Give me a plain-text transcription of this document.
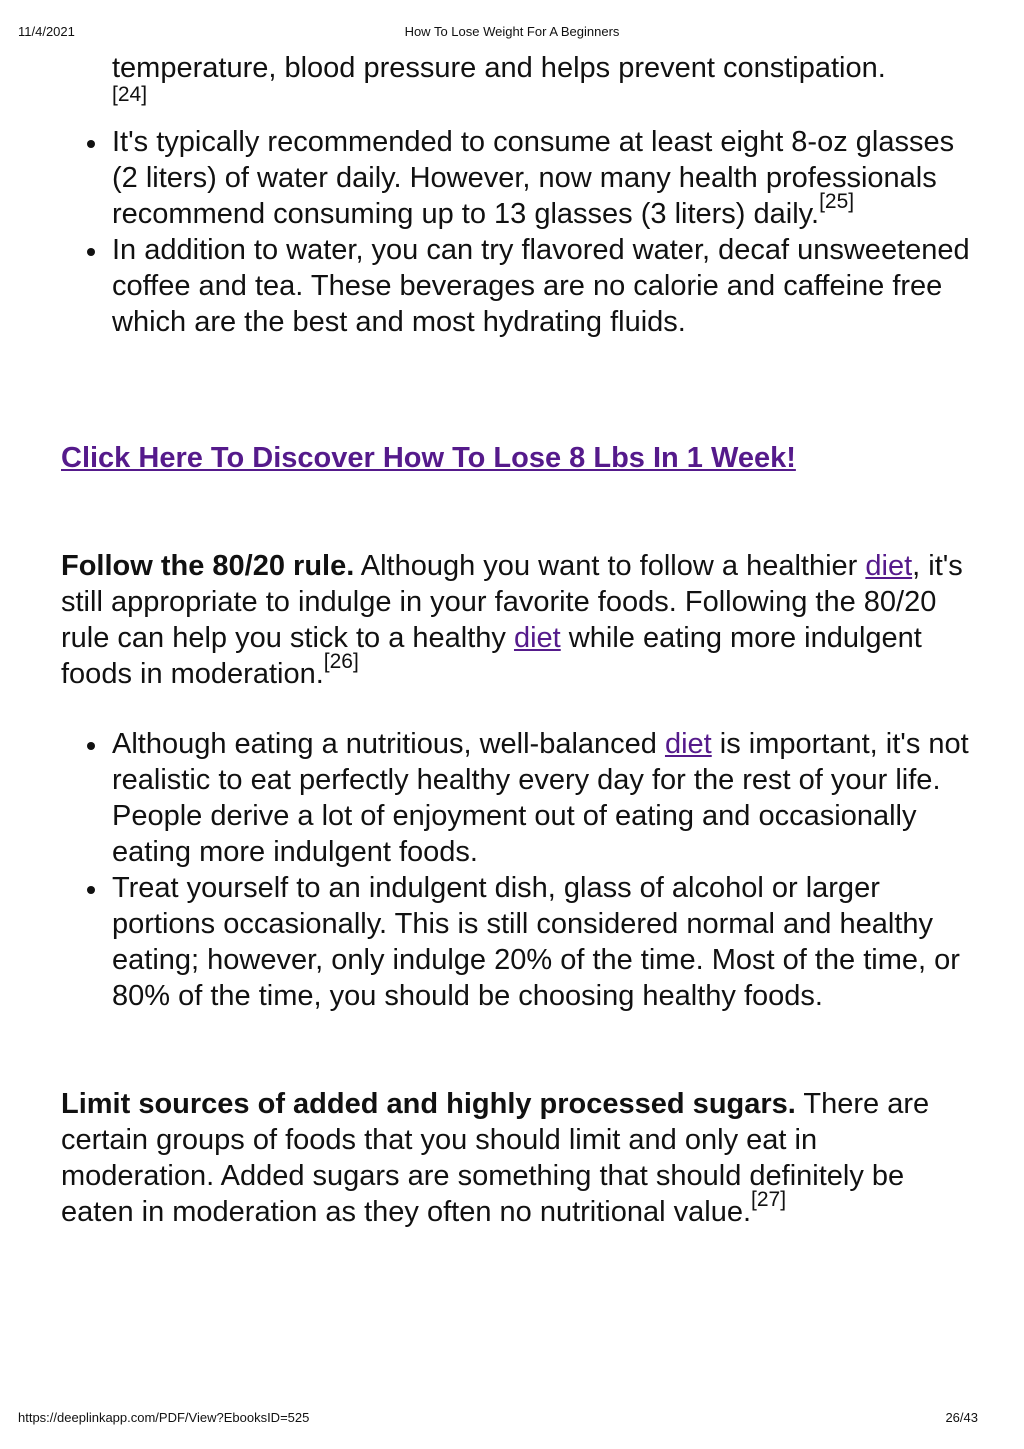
11/4/2021	How To Lose Weight For A Beginners

temperature, blood pressure and helps prevent constipation.

[24]

It's typically recommended to consume at least eight 8-oz glasses (2 liters) of water daily. However, now many health professionals recommend consuming up to 13 glasses (3 liters) daily.[25]
In addition to water, you can try flavored water, decaf unsweetened coffee and tea. These beverages are no calorie and caffeine free which are the best and most hydrating fluids.

Click Here To Discover How To Lose 8 Lbs In 1 Week!

Follow the 80/20 rule. Although you want to follow a healthier diet, it's still appropriate to indulge in your favorite foods. Following the 80/20 rule can help you stick to a healthy diet while eating more indulgent foods in moderation.[26]

Although eating a nutritious, well-balanced diet is important, it's not realistic to eat perfectly healthy every day for the rest of your life. People derive a lot of enjoyment out of eating and occasionally eating more indulgent foods.
Treat yourself to an indulgent dish, glass of alcohol or larger portions occasionally. This is still considered normal and healthy eating; however, only indulge 20% of the time. Most of the time, or 80% of the time, you should be choosing healthy foods.

Limit sources of added and highly processed sugars. There are certain groups of foods that you should limit and only eat in moderation. Added sugars are something that should definitely be eaten in moderation as they often no nutritional value.[27]

https://deeplinkapp.com/PDF/View?EbooksID=525	26/43
